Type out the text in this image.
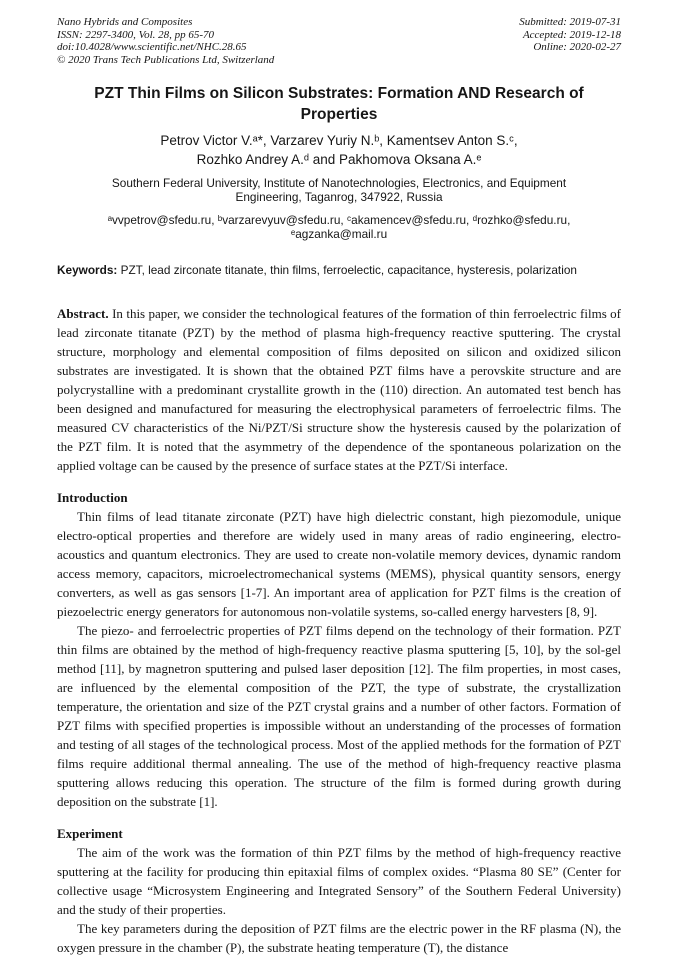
Nano Hybrids and Composites
ISSN: 2297-3400, Vol. 28, pp 65-70
doi:10.4028/www.scientific.net/NHC.28.65
© 2020 Trans Tech Publications Ltd, Switzerland
Submitted: 2019-07-31
Accepted: 2019-12-18
Online: 2020-02-27
PZT Thin Films on Silicon Substrates: Formation AND Research of
Properties
Petrov Victor V.ᵃ*, Varzarev Yuriy N.ᵇ, Kamentsev Anton S.ᶜ,
Rozhko Andrey A.ᵈ and Pakhomova Oksana A.ᵉ
Southern Federal University, Institute of Nanotechnologies, Electronics, and Equipment
Engineering, Taganrog, 347922, Russia
ᵃvvpetrov@sfedu.ru, ᵇvarzarevyuv@sfedu.ru, ᶜakamencev@sfedu.ru, ᵈrozhko@sfedu.ru,
ᵉagzanka@mail.ru
Keywords: PZT, lead zirconate titanate, thin films, ferroelectic, capacitance, hysteresis, polarization
Abstract. In this paper, we consider the technological features of the formation of thin ferroelectric films of lead zirconate titanate (PZT) by the method of plasma high-frequency reactive sputtering. The crystal structure, morphology and elemental composition of films deposited on silicon and oxidized silicon substrates are investigated. It is shown that the obtained PZT films have a perovskite structure and are polycrystalline with a predominant crystallite growth in the (110) direction. An automated test bench has been designed and manufactured for measuring the electrophysical parameters of ferroelectric films. The measured CV characteristics of the Ni/PZT/Si structure show the hysteresis caused by the polarization of the PZT film. It is noted that the asymmetry of the dependence of the spontaneous polarization on the applied voltage can be caused by the presence of surface states at the PZT/Si interface.
Introduction

Thin films of lead titanate zirconate (PZT) have high dielectric constant, high piezomodule, unique electro-optical properties and therefore are widely used in many areas of radio engineering, electro-acoustics and quantum electronics. They are used to create non-volatile memory devices, dynamic random access memory, capacitors, microelectromechanical systems (MEMS), physical quantity sensors, energy converters, as well as gas sensors [1-7]. An important area of application for PZT films is the creation of piezoelectric energy generators for autonomous non-volatile systems, so-called energy harvesters [8, 9].

The piezo- and ferroelectric properties of PZT films depend on the technology of their formation. PZT thin films are obtained by the method of high-frequency reactive plasma sputtering [5, 10], by the sol-gel method [11], by magnetron sputtering and pulsed laser deposition [12]. The film properties, in most cases, are influenced by the elemental composition of the PZT, the type of substrate, the crystallization temperature, the orientation and size of the PZT crystal grains and a number of other factors. Formation of PZT films with specified properties is impossible without an understanding of the processes of formation and testing of all stages of the technological process. Most of the applied methods for the formation of PZT films require additional thermal annealing. The use of the method of high-frequency reactive plasma sputtering allows reducing this operation. The structure of the film is formed during growth during deposition on the substrate [1].

Experiment

The aim of the work was the formation of thin PZT films by the method of high-frequency reactive sputtering at the facility for producing thin epitaxial films of complex oxides. “Plasma 80 SE” (Center for collective usage “Microsystem Engineering and Integrated Sensory” of the Southern Federal University) and the study of their properties.

The key parameters during the deposition of PZT films are the electric power in the RF plasma (N), the oxygen pressure in the chamber (P), the substrate heating temperature (T), the distance
